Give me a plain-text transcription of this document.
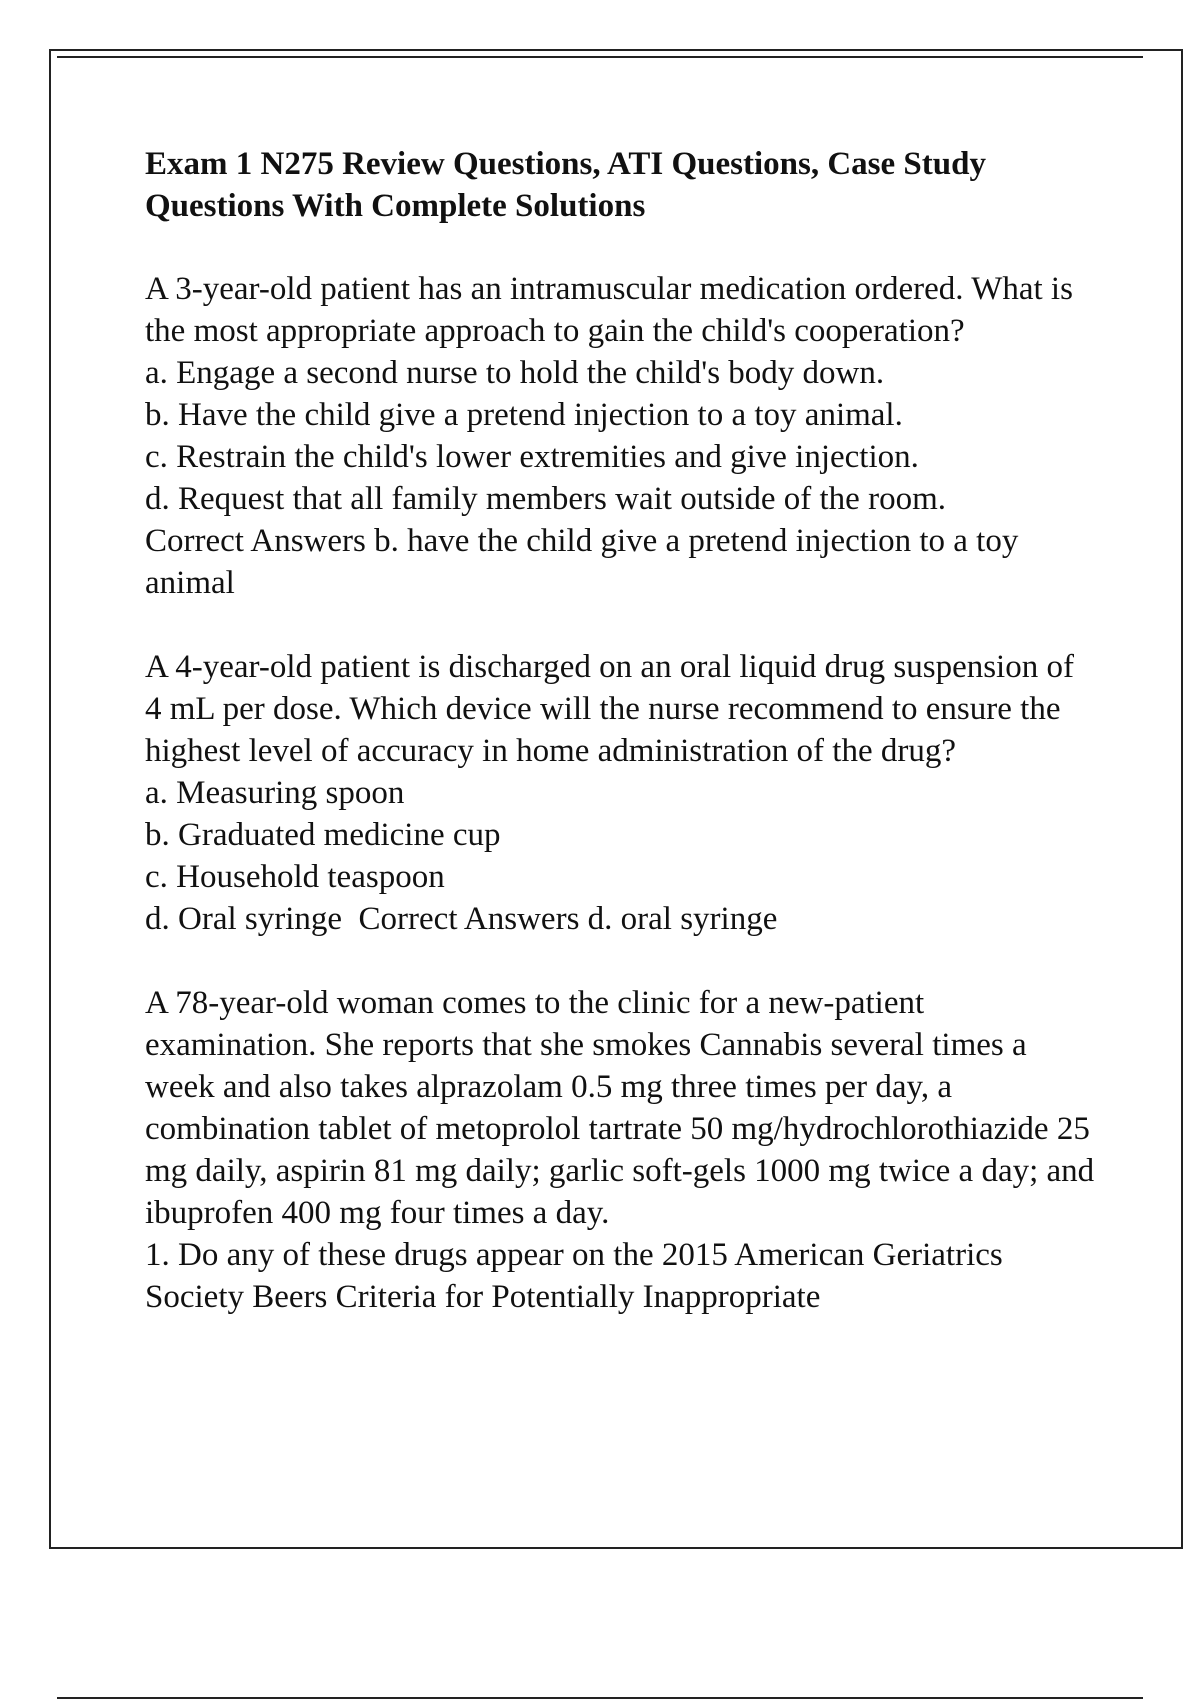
Exam 1 N275 Review Questions, ATI Questions, Case Study Questions With Complete Solutions

A 3-year-old patient has an intramuscular medication ordered. What is the most appropriate approach to gain the child's cooperation?

a. Engage a second nurse to hold the child's body down.
b. Have the child give a pretend injection to a toy animal.
c. Restrain the child's lower extremities and give injection.
d. Request that all family members wait outside of the room.

Correct Answers b. have the child give a pretend injection to a toy animal

A 4-year-old patient is discharged on an oral liquid drug suspension of 4 mL per dose. Which device will the nurse recommend to ensure the highest level of accuracy in home administration of the drug?

a. Measuring spoon
b. Graduated medicine cup
c. Household teaspoon
d. Oral syringe Correct Answers d. oral syringe

A 78-year-old woman comes to the clinic for a new-patient examination. She reports that she smokes Cannabis several times a week and also takes alprazolam 0.5 mg three times per day, a combination tablet of metoprolol tartrate 50 mg/hydrochlorothiazide 25 mg daily, aspirin 81 mg daily; garlic soft-gels 1000 mg twice a day; and ibuprofen 400 mg four times a day.

1. Do any of these drugs appear on the 2015 American Geriatrics Society Beers Criteria for Potentially Inappropriate
